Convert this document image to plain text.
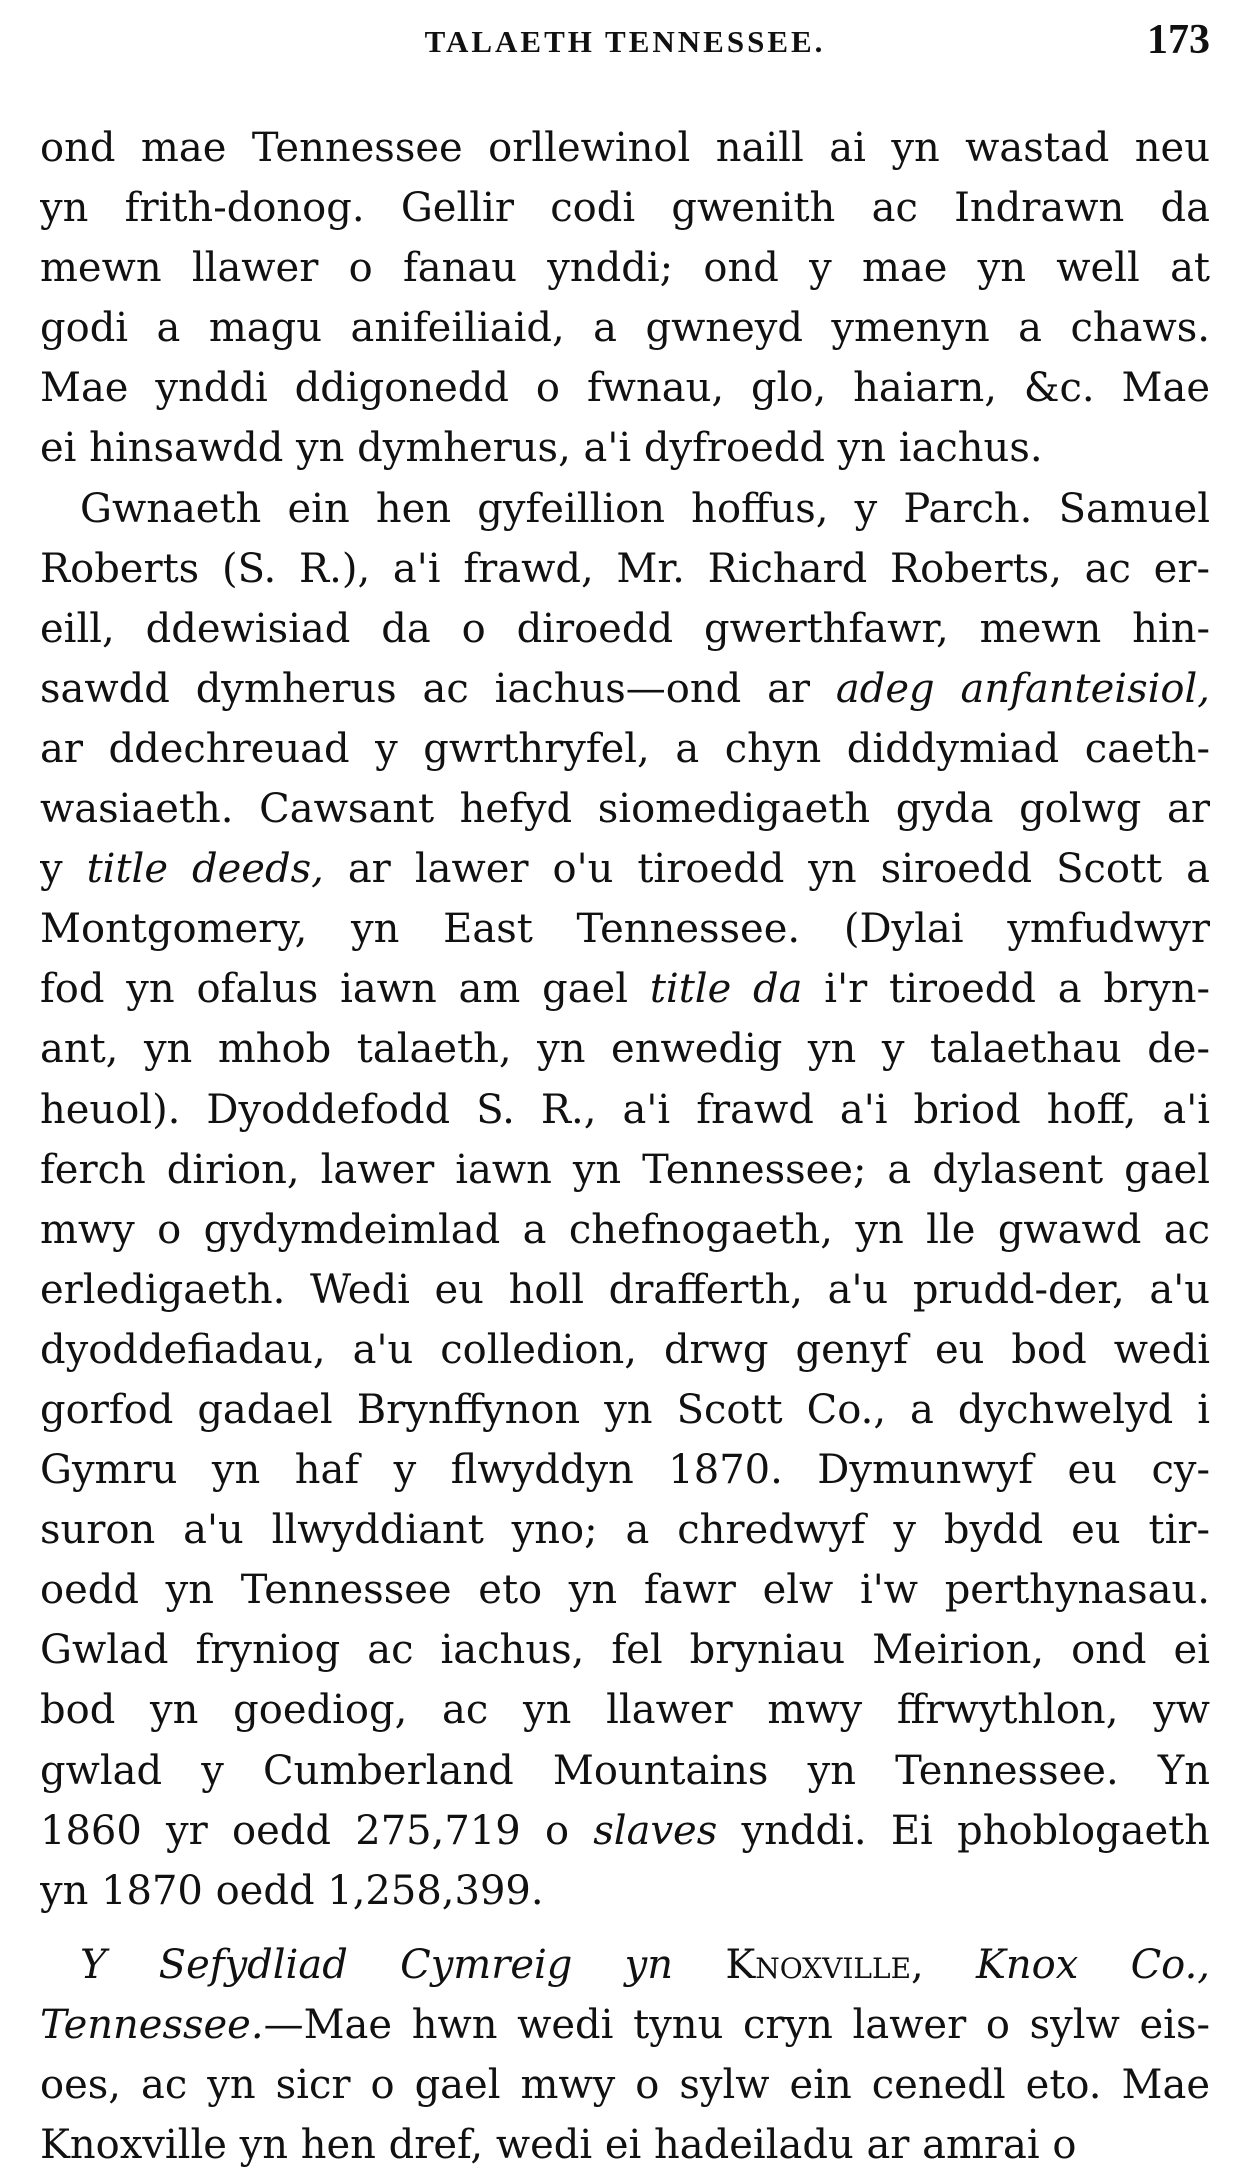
TALAETH TENNESSEE.	173
ond mae Tennessee orllewinol naill ai yn wastad neu
yn frith-donog. Gellir codi gwenith ac Indrawn da
mewn llawer o fanau ynddi; ond y mae yn well at
godi a magu anifeiliaid, a gwneyd ymenyn a chaws.
Mae ynddi ddigonedd o fwnau, glo, haiarn, &c. Mae
ei hinsawdd yn dymherus, a'i dyfroedd yn iachus.
Gwnaeth ein hen gyfeillion hoffus, y Parch. Samuel
Roberts (S. R.), a'i frawd, Mr. Richard Roberts, ac er-
eill, ddewisiad da o diroedd gwerthfawr, mewn hin-
sawdd dymherus ac iachus—ond ar adeg anfanteisiol,
ar ddechreuad y gwrthryfel, a chyn diddymiad caeth-
wasiaeth. Cawsant hefyd siomedigaeth gyda golwg ar
y title deeds, ar lawer o'u tiroedd yn siroedd Scott a
Montgomery, yn East Tennessee. (Dylai ymfudwyr
fod yn ofalus iawn am gael title da i'r tiroedd a bryn-
ant, yn mhob talaeth, yn enwedig yn y talaethau de-
heuol). Dyoddefodd S. R., a'i frawd a'i briod hoff, a'i
ferch dirion, lawer iawn yn Tennessee; a dylasent gael
mwy o gydymdeimlad a chefnogaeth, yn lle gwawd ac
erledigaeth. Wedi eu holl drafferth, a'u prudd-der, a'u
dyoddefiadau, a'u colledion, drwg genyf eu bod wedi
gorfod gadael Brynffynon yn Scott Co., a dychwelyd i
Gymru yn haf y flwyddyn 1870. Dymunwyf eu cy-
suron a'u llwyddiant yno; a chredwyf y bydd eu tir-
oedd yn Tennessee eto yn fawr elw i'w perthynasau.
Gwlad fryniog ac iachus, fel bryniau Meirion, ond ei
bod yn goediog, ac yn llawer mwy ffrwythlon, yw
gwlad y Cumberland Mountains yn Tennessee. Yn
1860 yr oedd 275,719 o slaves ynddi. Ei phoblogaeth
yn 1870 oedd 1,258,399.
Y Sefydliad Cymreig yn Knoxville, Knox Co.,
Tennessee.—Mae hwn wedi tynu cryn lawer o sylw eis-
oes, ac yn sicr o gael mwy o sylw ein cenedl eto. Mae
Knoxville yn hen dref, wedi ei hadeiladu ar amrai o
